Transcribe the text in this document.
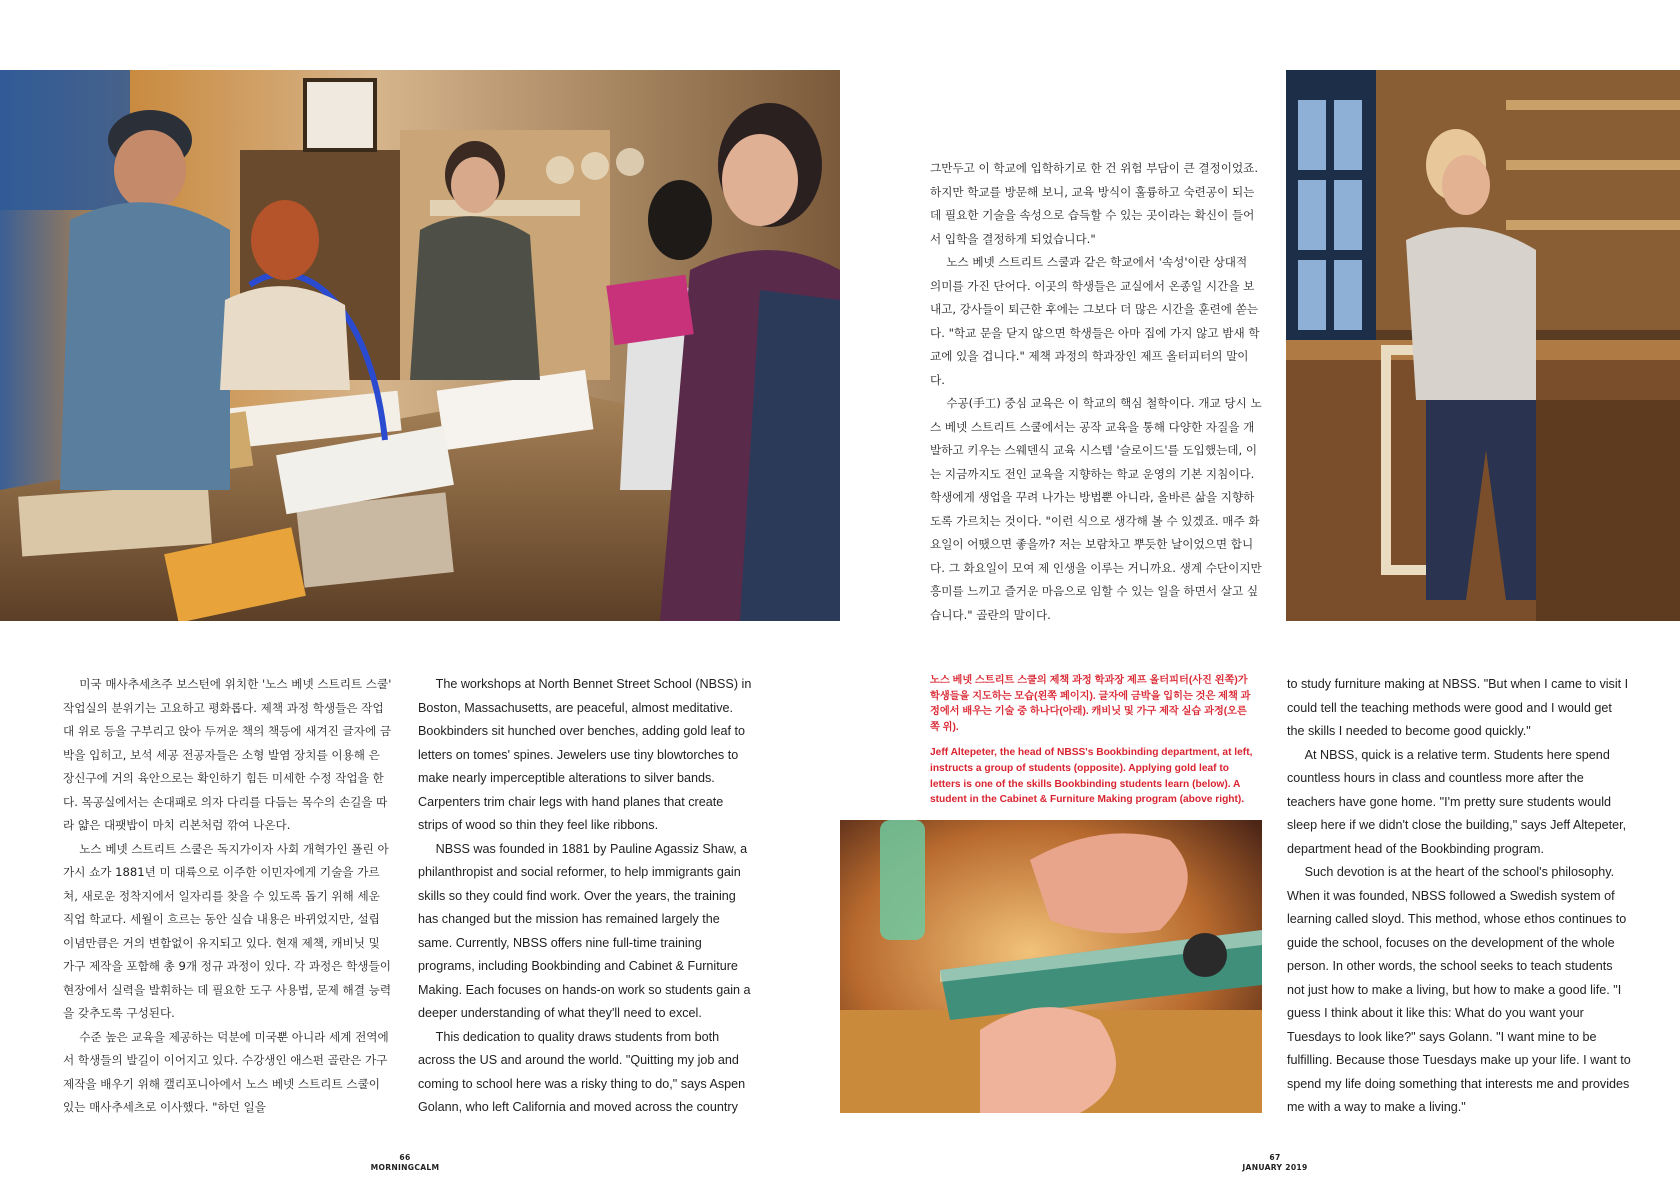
미국 매사추세츠주 보스턴에 위치한 '노스 베넷 스트리트 스쿨' 작업실의 분위기는 고요하고 평화롭다. 제책 과정 학생들은 작업대 위로 등을 구부리고 앉아 두꺼운 책의 책등에 새겨진 글자에 금박을 입히고, 보석 세공 전공자들은 소형 발염 장치를 이용해 은 장신구에 거의 육안으로는 확인하기 힘든 미세한 수정 작업을 한다. 목공실에서는 손대패로 의자 다리를 다듬는 목수의 손길을 따라 얇은 대팻밥이 마치 리본처럼 깎여 나온다.

노스 베넷 스트리트 스쿨은 독지가이자 사회 개혁가인 폴린 아가시 쇼가 1881년 미 대륙으로 이주한 이민자에게 기술을 가르쳐, 새로운 정착지에서 일자리를 찾을 수 있도록 돕기 위해 세운 직업 학교다. 세월이 흐르는 동안 실습 내용은 바뀌었지만, 설립 이념만큼은 거의 변함없이 유지되고 있다. 현재 제책, 캐비닛 및 가구 제작을 포함해 총 9개 정규 과정이 있다. 각 과정은 학생들이 현장에서 실력을 발휘하는 데 필요한 도구 사용법, 문제 해결 능력을 갖추도록 구성된다.

수준 높은 교육을 제공하는 덕분에 미국뿐 아니라 세계 전역에서 학생들의 발길이 이어지고 있다. 수강생인 애스펀 골란은 가구 제작을 배우기 위해 캘리포니아에서 노스 베넷 스트리트 스쿨이 있는 매사추세츠로 이사했다. "하던 일을

The workshops at North Bennet Street School (NBSS) in Boston, Massachusetts, are peaceful, almost meditative. Bookbinders sit hunched over benches, adding gold leaf to letters on tomes' spines. Jewelers use tiny blowtorches to make nearly imperceptible alterations to silver bands. Carpenters trim chair legs with hand planes that create strips of wood so thin they feel like ribbons.

NBSS was founded in 1881 by Pauline Agassiz Shaw, a philanthropist and social reformer, to help immigrants gain skills so they could find work. Over the years, the training has changed but the mission has remained largely the same. Currently, NBSS offers nine full-time training programs, including Bookbinding and Cabinet & Furniture Making. Each focuses on hands-on work so students gain a deeper understanding of what they'll need to excel.

This dedication to quality draws students from both across the US and around the world. "Quitting my job and coming to school here was a risky thing to do," says Aspen Golann, who left California and moved across the country

그만두고 이 학교에 입학하기로 한 건 위험 부담이 큰 결정이었죠. 하지만 학교를 방문해 보니, 교육 방식이 훌륭하고 숙련공이 되는 데 필요한 기술을 속성으로 습득할 수 있는 곳이라는 확신이 들어서 입학을 결정하게 되었습니다."

노스 베넷 스트리트 스쿨과 같은 학교에서 '속성'이란 상대적 의미를 가진 단어다. 이곳의 학생들은 교실에서 온종일 시간을 보내고, 강사들이 퇴근한 후에는 그보다 더 많은 시간을 훈련에 쏟는다. "학교 문을 닫지 않으면 학생들은 아마 집에 가지 않고 밤새 학교에 있을 겁니다." 제책 과정의 학과장인 제프 올터피터의 말이다.

수공(手工) 중심 교육은 이 학교의 핵심 철학이다. 개교 당시 노스 베넷 스트리트 스쿨에서는 공작 교육을 통해 다양한 자질을 개발하고 키우는 스웨덴식 교육 시스템 '슬로이드'를 도입했는데, 이는 지금까지도 전인 교육을 지향하는 학교 운영의 기본 지침이다. 학생에게 생업을 꾸려 나가는 방법뿐 아니라, 올바른 삶을 지향하도록 가르치는 것이다. "이런 식으로 생각해 볼 수 있겠죠. 매주 화요일이 어땠으면 좋을까? 저는 보람차고 뿌듯한 날이었으면 합니다. 그 화요일이 모여 제 인생을 이루는 거니까요. 생계 수단이지만 흥미를 느끼고 즐거운 마음으로 임할 수 있는 일을 하면서 살고 싶습니다." 골란의 말이다.

노스 베넷 스트리트 스쿨의 제책 과정 학과장 제프 올터피터(사진 왼쪽)가 학생들을 지도하는 모습(왼쪽 페이지). 글자에 금박을 입히는 것은 제책 과정에서 배우는 기술 중 하나다(아래). 캐비닛 및 가구 제작 실습 과정(오른쪽 위).

Jeff Altepeter, the head of NBSS's Bookbinding department, at left, instructs a group of students (opposite). Applying gold leaf to letters is one of the skills Bookbinding students learn (below). A student in the Cabinet & Furniture Making program (above right).

to study furniture making at NBSS. "But when I came to visit I could tell the teaching methods were good and I would get the skills I needed to become good quickly."

At NBSS, quick is a relative term. Students here spend countless hours in class and countless more after the teachers have gone home. "I'm pretty sure students would sleep here if we didn't close the building," says Jeff Altepeter, department head of the Bookbinding program.

Such devotion is at the heart of the school's philosophy. When it was founded, NBSS followed a Swedish system of learning called sloyd. This method, whose ethos continues to guide the school, focuses on the development of the whole person. In other words, the school seeks to teach students not just how to make a living, but how to make a good life. "I guess I think about it like this: What do you want your Tuesdays to look like?" says Golann. "I want mine to be fulfilling. Because those Tuesdays make up your life. I want to spend my life doing something that interests me and provides me with a way to make a living."

66
MORNINGCALM
67
JANUARY 2019
